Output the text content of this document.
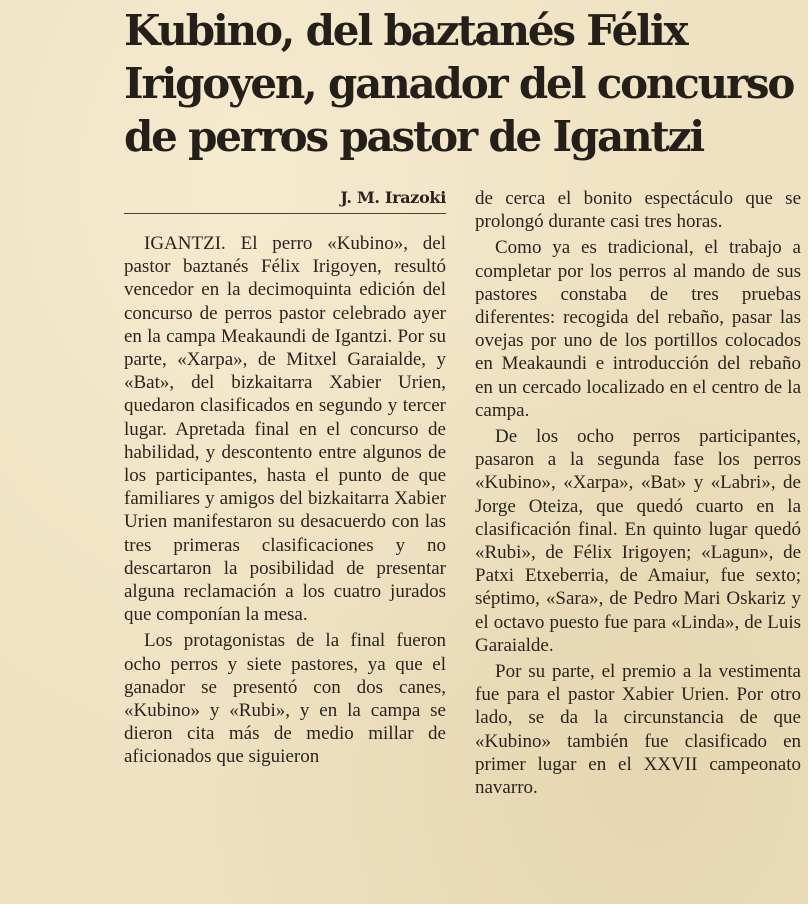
Kubino, del baztanés Félix Irigoyen, ganador del concurso de perros pastor de Igantzi
J. M. Irazoki

IGANTZI. El perro «Kubino», del pastor baztanés Félix Irigoyen, resultó vencedor en la decimoquinta edición del concurso de perros pastor celebrado ayer en la campa Meakaundi de Igantzi. Por su parte, «Xarpa», de Mitxel Garaialde, y «Bat», del bizkaitarra Xabier Urien, quedaron clasificados en segundo y tercer lugar. Apretada final en el concurso de habilidad, y descontento entre algunos de los participantes, hasta el punto de que familiares y amigos del bizkaitarra Xabier Urien manifestaron su desacuerdo con las tres primeras clasificaciones y no descartaron la posibilidad de presentar alguna reclamación a los cuatro jurados que componían la mesa.

Los protagonistas de la final fueron ocho perros y siete pastores, ya que el ganador se presentó con dos canes, «Kubino» y «Rubi», y en la campa se dieron cita más de medio millar de aficionados que siguieron

de cerca el bonito espectáculo que se prolongó durante casi tres horas.

Como ya es tradicional, el trabajo a completar por los perros al mando de sus pastores constaba de tres pruebas diferentes: recogida del rebaño, pasar las ovejas por uno de los portillos colocados en Meakaundi e introducción del rebaño en un cercado localizado en el centro de la campa.

De los ocho perros participantes, pasaron a la segunda fase los perros «Kubino», «Xarpa», «Bat» y «Labri», de Jorge Oteiza, que quedó cuarto en la clasificación final. En quinto lugar quedó «Rubi», de Félix Irigoyen; «Lagun», de Patxi Etxeberria, de Amaiur, fue sexto; séptimo, «Sara», de Pedro Mari Oskariz y el octavo puesto fue para «Linda», de Luis Garaialde.

Por su parte, el premio a la vestimenta fue para el pastor Xabier Urien. Por otro lado, se da la circunstancia de que «Kubino» también fue clasificado en primer lugar en el XXVII campeonato navarro.
